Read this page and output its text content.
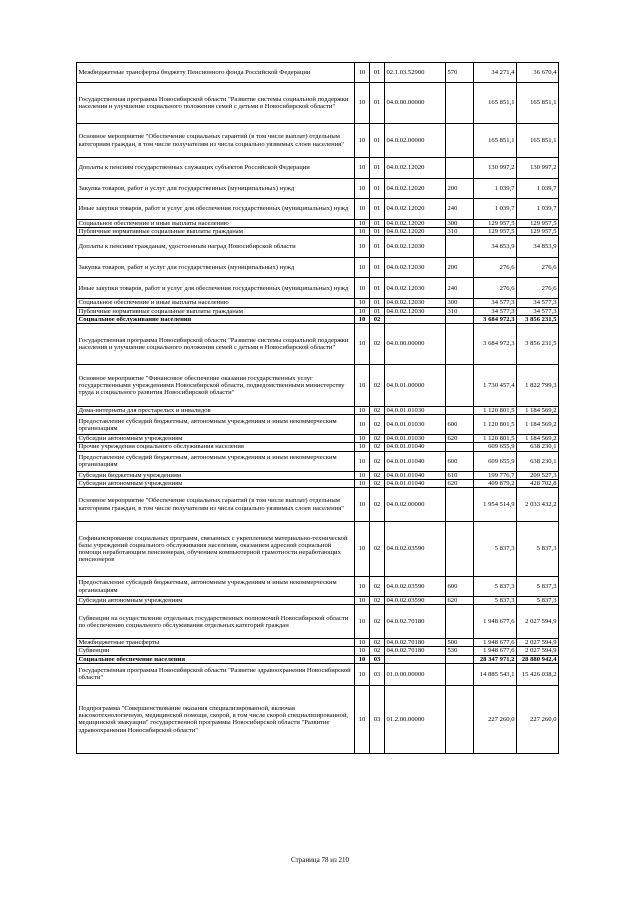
Межбюджетные трансферты бюджету Пенсионного фонда Российской Федерации	10	01	02.1.03.52900	570	34 271,4	36 670,4
Государственная программа Новосибирской области "Развитие системы социальной поддержки населения и улучшение социального положения семей с детьми в Новосибирской области"	10	01	04.0.00.00000		165 851,1	165 851,1
Основное мероприятие "Обеспечение социальных гарантий (в том числе выплат) отдельным категориям граждан, в том числе получателям из числа социально уязвимых слоев населения"	10	01	04.0.02.00000		165 851,1	165 851,1
Доплаты к пенсиям государственных служащих субъектов Российской Федерации	10	01	04.0.02.12020		130 997,2	130 997,2
Закупка товаров, работ и услуг для государственных (муниципальных) нужд	10	01	04.0.02.12020	200	1 039,7	1 039,7
Иные закупки товаров, работ и услуг для обеспечения государственных (муниципальных) нужд	10	01	04.0.02.12020	240	1 039,7	1 039,7
Социальное обеспечение и иные выплаты населению	10	01	04.0.02.12020	300	129 957,5	129 957,5
Публичные нормативные социальные выплаты гражданам	10	01	04.0.02.12020	310	129 957,5	129 957,5
Доплаты к пенсиям гражданам, удостоенным наград Новосибирской области	10	01	04.0.02.12030		34 853,9	34 853,9
Закупка товаров, работ и услуг для государственных (муниципальных) нужд	10	01	04.0.02.12030	200	276,6	276,6
Иные закупки товаров, работ и услуг для обеспечения государственных (муниципальных) нужд	10	01	04.0.02.12030	240	276,6	276,6
Социальное обеспечение и иные выплаты населению	10	01	04.0.02.12030	300	34 577,3	34 577,3
Публичные нормативные социальные выплаты гражданам	10	01	04.0.02.12030	310	34 577,3	34 577,3
Социальное обслуживание населения	10	02			3 684 972,3	3 856 231,5
Государственная программа Новосибирской области "Развитие системы социальной поддержки населения и улучшение социального положения семей с детьми в Новосибирской области"	10	02	04.0.00.00000		3 684 972,3	3 856 231,5
Основное мероприятие "Финансовое обеспечение оказания государственных услуг государственными учреждениями Новосибирской области, подведомственными министерству труда и социального развития Новосибирской области"	10	02	04.0.01.00000		1 730 457,4	1 822 799,3
Дома-интернаты для престарелых и инвалидов	10	02	04.0.01.01030		1 120 801,5	1 184 569,2
Предоставление субсидий бюджетным, автономным учреждениям и иным некоммерческим организациям	10	02	04.0.01.01030	600	1 120 801,5	1 184 569,2
Субсидии автономным учреждениям	10	02	04.0.01.01030	620	1 120 801,5	1 184 569,2
Прочие учреждения социального обслуживания населения	10	02	04.0.01.01040		609 655,9	638 230,1
Предоставление субсидий бюджетным, автономным учреждениям и иным некоммерческим организациям	10	02	04.0.01.01040	600	609 655,9	638 230,1
Субсидии бюджетным учреждениям	10	02	04.0.01.01040	610	199 776,7	209 527,3
Субсидии автономным учреждениям	10	02	04.0.01.01040	620	409 879,2	428 702,8
Основное мероприятие "Обеспечение социальных гарантий (в том числе выплат) отдельным категориям граждан, в том числе получателям из числа социально уязвимых слоев населения"	10	02	04.0.02.00000		1 954 514,9	2 033 432,2
Софинансирование социальных программ, связанных с укреплением материально-технической базы учреждений социального обслуживания населения, оказанием адресной социальной помощи неработающим пенсионерам, обучением компьютерной грамотности неработающих пенсионеров	10	02	04.0.02.03590		5 837,3	5 837,3
Предоставление субсидий бюджетным, автономным учреждениям и иным некоммерческим организациям	10	02	04.0.02.03590	600	5 837,3	5 837,3
Субсидии автономным учреждениям	10	02	04.0.02.03590	620	5 837,3	5 837,3
Субвенции на осуществление отдельных государственных полномочий Новосибирской области по обеспечению социального обслуживания отдельных категорий граждан	10	02	04.0.02.70180		1 948 677,6	2 027 594,9
Межбюджетные трансферты	10	02	04.0.02.70180	500	1 948 677,6	2 027 594,9
Субвенции	10	02	04.0.02.70180	530	1 948 677,6	2 027 594,9
Социальное обеспечение населения	10	03			28 347 971,2	28 880 942,4
Государственная программа Новосибирской области "Развитие здравоохранения Новосибирской области"	10	03	01.0.00.00000		14 885 543,1	15 426 038,2
Подпрограмма "Совершенствование оказания специализированной, включая высокотехнологичную, медицинской помощи, скорой, в том числе скорой специализированной, медицинской эвакуации" государственной программы Новосибирской области "Развитие здравоохранения Новосибирской области"	10	03	01.2.00.00000		227 260,0	227 260,0
Страница 78 из 210
